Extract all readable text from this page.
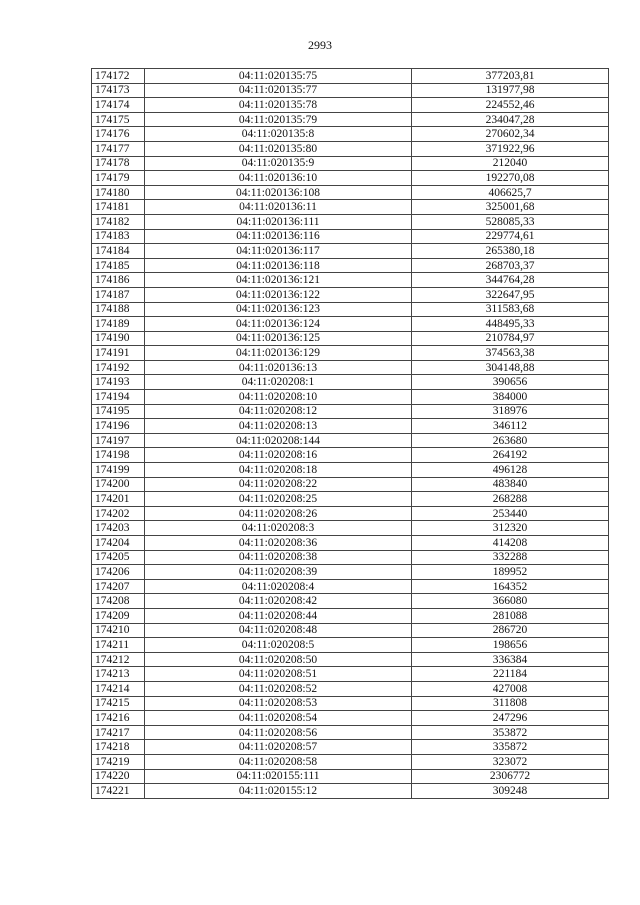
2993
174172	04:11:020135:75	377203,81
174173	04:11:020135:77	131977,98
174174	04:11:020135:78	224552,46
174175	04:11:020135:79	234047,28
174176	04:11:020135:8	270602,34
174177	04:11:020135:80	371922,96
174178	04:11:020135:9	212040
174179	04:11:020136:10	192270,08
174180	04:11:020136:108	406625,7
174181	04:11:020136:11	325001,68
174182	04:11:020136:111	528085,33
174183	04:11:020136:116	229774,61
174184	04:11:020136:117	265380,18
174185	04:11:020136:118	268703,37
174186	04:11:020136:121	344764,28
174187	04:11:020136:122	322647,95
174188	04:11:020136:123	311583,68
174189	04:11:020136:124	448495,33
174190	04:11:020136:125	210784,97
174191	04:11:020136:129	374563,38
174192	04:11:020136:13	304148,88
174193	04:11:020208:1	390656
174194	04:11:020208:10	384000
174195	04:11:020208:12	318976
174196	04:11:020208:13	346112
174197	04:11:020208:144	263680
174198	04:11:020208:16	264192
174199	04:11:020208:18	496128
174200	04:11:020208:22	483840
174201	04:11:020208:25	268288
174202	04:11:020208:26	253440
174203	04:11:020208:3	312320
174204	04:11:020208:36	414208
174205	04:11:020208:38	332288
174206	04:11:020208:39	189952
174207	04:11:020208:4	164352
174208	04:11:020208:42	366080
174209	04:11:020208:44	281088
174210	04:11:020208:48	286720
174211	04:11:020208:5	198656
174212	04:11:020208:50	336384
174213	04:11:020208:51	221184
174214	04:11:020208:52	427008
174215	04:11:020208:53	311808
174216	04:11:020208:54	247296
174217	04:11:020208:56	353872
174218	04:11:020208:57	335872
174219	04:11:020208:58	323072
174220	04:11:020155:111	2306772
174221	04:11:020155:12	309248
